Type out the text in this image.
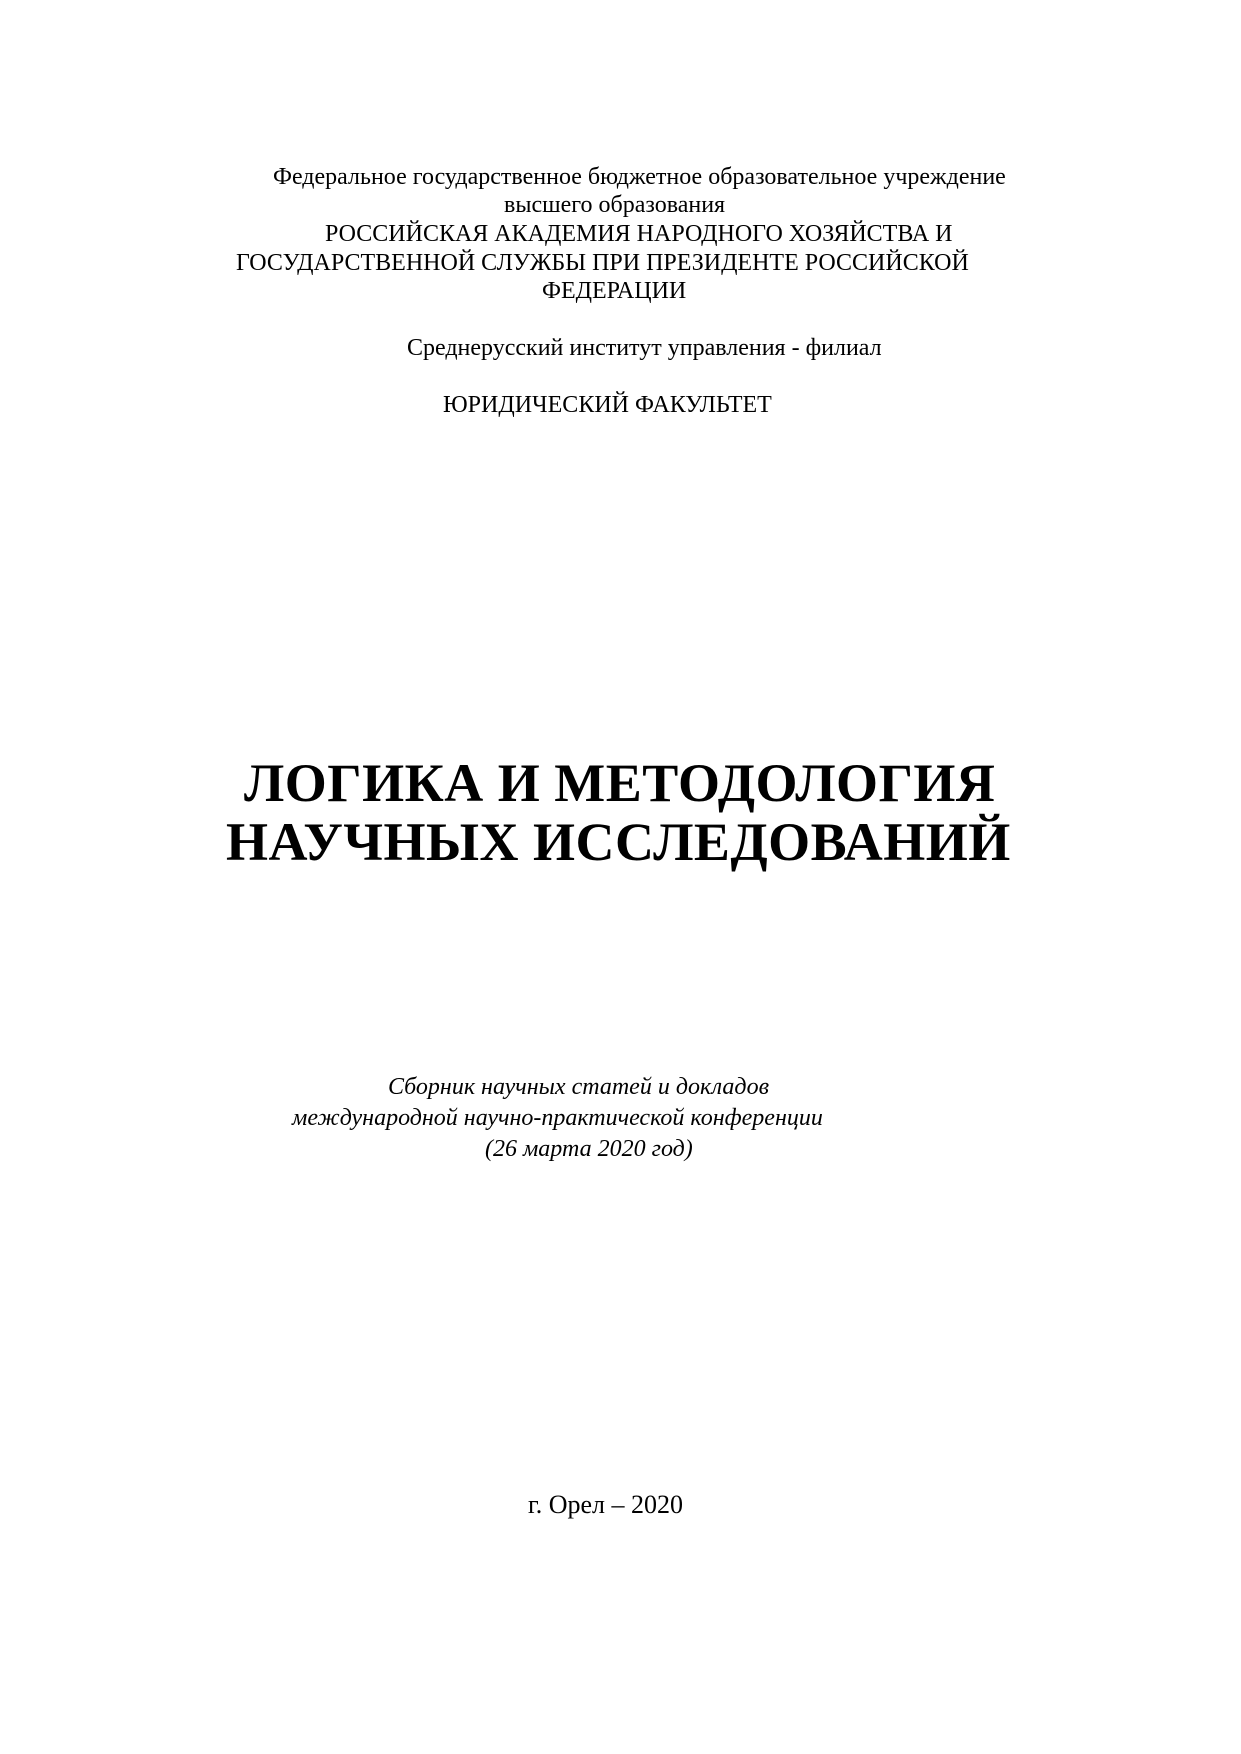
Федеральное государственное бюджетное образовательное учреждение
высшего образования
РОССИЙСКАЯ АКАДЕМИЯ НАРОДНОГО ХОЗЯЙСТВА И
ГОСУДАРСТВЕННОЙ СЛУЖБЫ ПРИ ПРЕЗИДЕНТЕ РОССИЙСКОЙ
ФЕДЕРАЦИИ
Среднерусский институт управления - филиал
ЮРИДИЧЕСКИЙ ФАКУЛЬТЕТ
ЛОГИКА И МЕТОДОЛОГИЯ
НАУЧНЫХ ИССЛЕДОВАНИЙ
Сборник научных статей и докладов
международной научно-практической конференции
(26 марта 2020 год)
г. Орел – 2020
